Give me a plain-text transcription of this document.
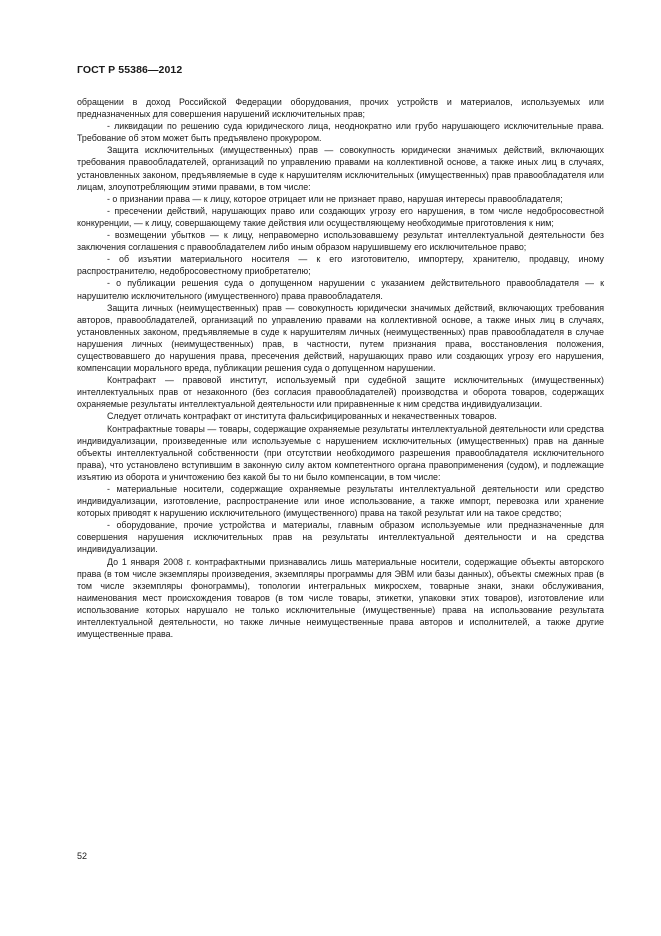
ГОСТ Р 55386—2012

обращении в доход Российской Федерации оборудования, прочих устройств и материалов, используемых или предназначенных для совершения нарушений исключительных прав;

- ликвидации по решению суда юридического лица, неоднократно или грубо нарушающего исключительные права. Требование об этом может быть предъявлено прокурором.

Защита исключительных (имущественных) прав — совокупность юридически значимых действий, включающих требования правообладателей, организаций по управлению правами на коллективной основе, а также иных лиц в случаях, установленных законом, предъявляемые в суде к нарушителям исключительных (имущественных) прав правообладателя или лицам, злоупотребляющим этими правами, в том числе:

- о признании права — к лицу, которое отрицает или не признает право, нарушая интересы правообладателя;

- пресечении действий, нарушающих право или создающих угрозу его нарушения, в том числе недобросовестной конкуренции, — к лицу, совершающему такие действия или осуществляющему необходимые приготовления к ним;

- возмещении убытков — к лицу, неправомерно использовавшему результат интеллектуальной деятельности без заключения соглашения с правообладателем либо иным образом нарушившему его исключительное право;

- об изъятии материального носителя — к его изготовителю, импортеру, хранителю, продавцу, иному распространителю, недобросовестному приобретателю;

- о публикации решения суда о допущенном нарушении с указанием действительного правообладателя — к нарушителю исключительного (имущественного) права правообладателя.

Защита личных (неимущественных) прав — совокупность юридически значимых действий, включающих требования авторов, правообладателей, организаций по управлению правами на коллективной основе, а также иных лиц в случаях, установленных законом, предъявляемые в суде к нарушителям личных (неимущественных) прав правообладателя в случае нарушения личных (неимущественных) прав, в частности, путем признания права, восстановления положения, существовавшего до нарушения права, пресечения действий, нарушающих право или создающих угрозу его нарушения, компенсации морального вреда, публикации решения суда о допущенном нарушении.

Контрафакт — правовой институт, используемый при судебной защите исключительных (имущественных) интеллектуальных прав от незаконного (без согласия правообладателей) производства и оборота товаров, содержащих охраняемые результаты интеллектуальной деятельности или приравненные к ним средства индивидуализации.

Следует отличать контрафакт от института фальсифицированных и некачественных товаров.

Контрафактные товары — товары, содержащие охраняемые результаты интеллектуальной деятельности или средства индивидуализации, произведенные или используемые с нарушением исключительных (имущественных) прав на данные объекты интеллектуальной собственности (при отсутствии необходимого разрешения правообладателя исключительного права), что установлено вступившим в законную силу актом компетентного органа правоприменения (судом), и подлежащие изъятию из оборота и уничтожению без какой бы то ни было компенсации, в том числе:

- материальные носители, содержащие охраняемые результаты интеллектуальной деятельности или средство индивидуализации, изготовление, распространение или иное использование, а также импорт, перевозка или хранение которых приводят к нарушению исключительного (имущественного) права на такой результат или на такое средство;

- оборудование, прочие устройства и материалы, главным образом используемые или предназначенные для совершения нарушения исключительных прав на результаты интеллектуальной деятельности и на средства индивидуализации.

До 1 января 2008 г. контрафактными признавались лишь материальные носители, содержащие объекты авторского права (в том числе экземпляры произведения, экземпляры программы для ЭВМ или базы данных), объекты смежных прав (в том числе экземпляры фонограммы), топологии интегральных микросхем, товарные знаки, знаки обслуживания, наименования мест происхождения товаров (в том числе товары, этикетки, упаковки этих товаров), изготовление или использование которых нарушало не только исключительные (имущественные) права на использование результата интеллектуальной деятельности, но также личные неимущественные права авторов и исполнителей, а также другие имущественные права.

52
